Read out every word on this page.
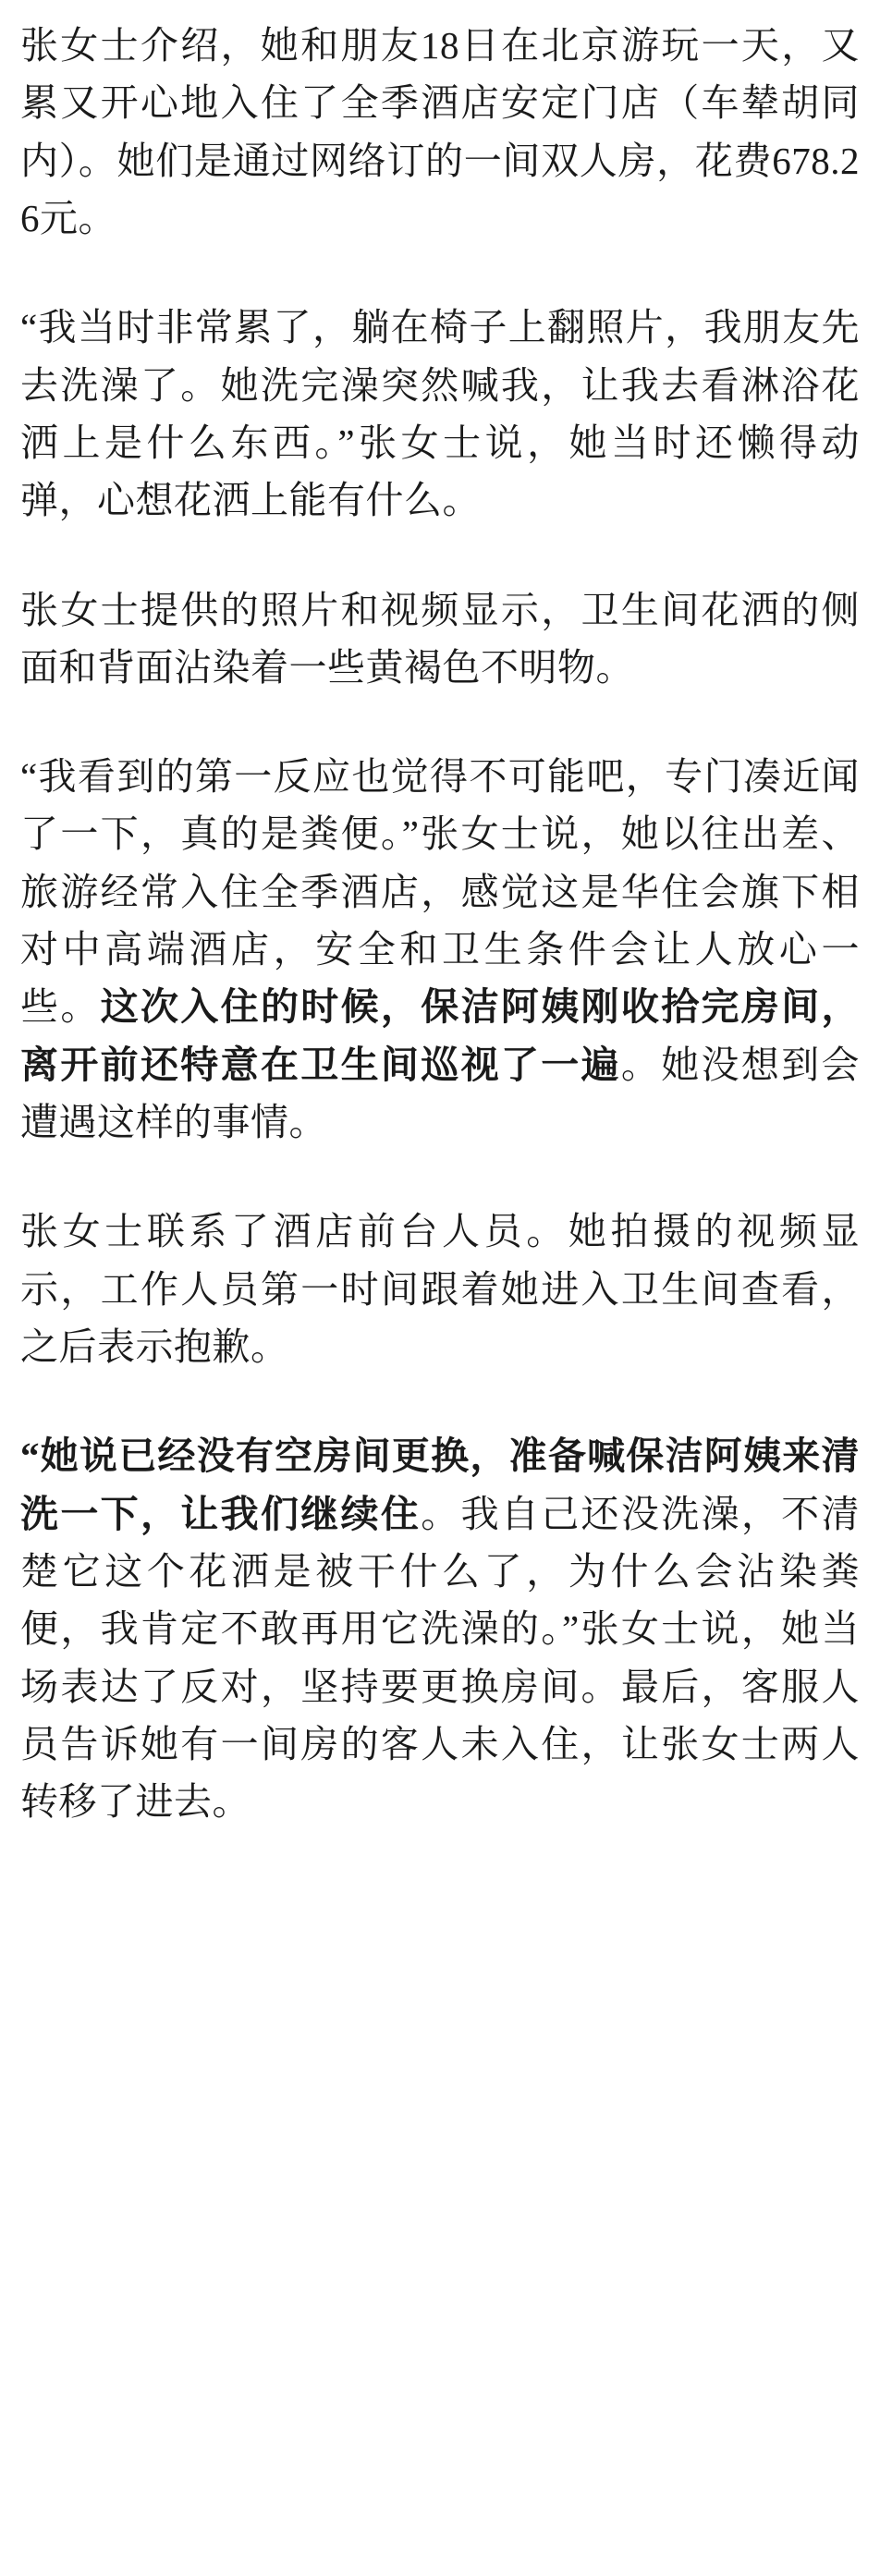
张女士介绍，她和朋友18日在北京游玩一天，又累又开心地入住了全季酒店安定门店（车辇胡同内）。她们是通过网络订的一间双人房，花费678.26元。

“我当时非常累了，躺在椅子上翻照片，我朋友先去洗澡了。她洗完澡突然喊我，让我去看淋浴花洒上是什么东西。”张女士说，她当时还懒得动弹，心想花洒上能有什么。

张女士提供的照片和视频显示，卫生间花洒的侧面和背面沾染着一些黄褐色不明物。

“我看到的第一反应也觉得不可能吧，专门凑近闻了一下，真的是粪便。”张女士说，她以往出差、旅游经常入住全季酒店，感觉这是华住会旗下相对中高端酒店，安全和卫生条件会让人放心一些。这次入住的时候，保洁阿姨刚收拾完房间，离开前还特意在卫生间巡视了一遍。她没想到会遭遇这样的事情。

张女士联系了酒店前台人员。她拍摄的视频显示，工作人员第一时间跟着她进入卫生间查看，之后表示抱歉。

“她说已经没有空房间更换，准备喊保洁阿姨来清洗一下，让我们继续住。我自己还没洗澡，不清楚它这个花洒是被干什么了，为什么会沾染粪便，我肯定不敢再用它洗澡的。”张女士说，她当场表达了反对，坚持要更换房间。最后，客服人员告诉她有一间房的客人未入住，让张女士两人转移了进去。
